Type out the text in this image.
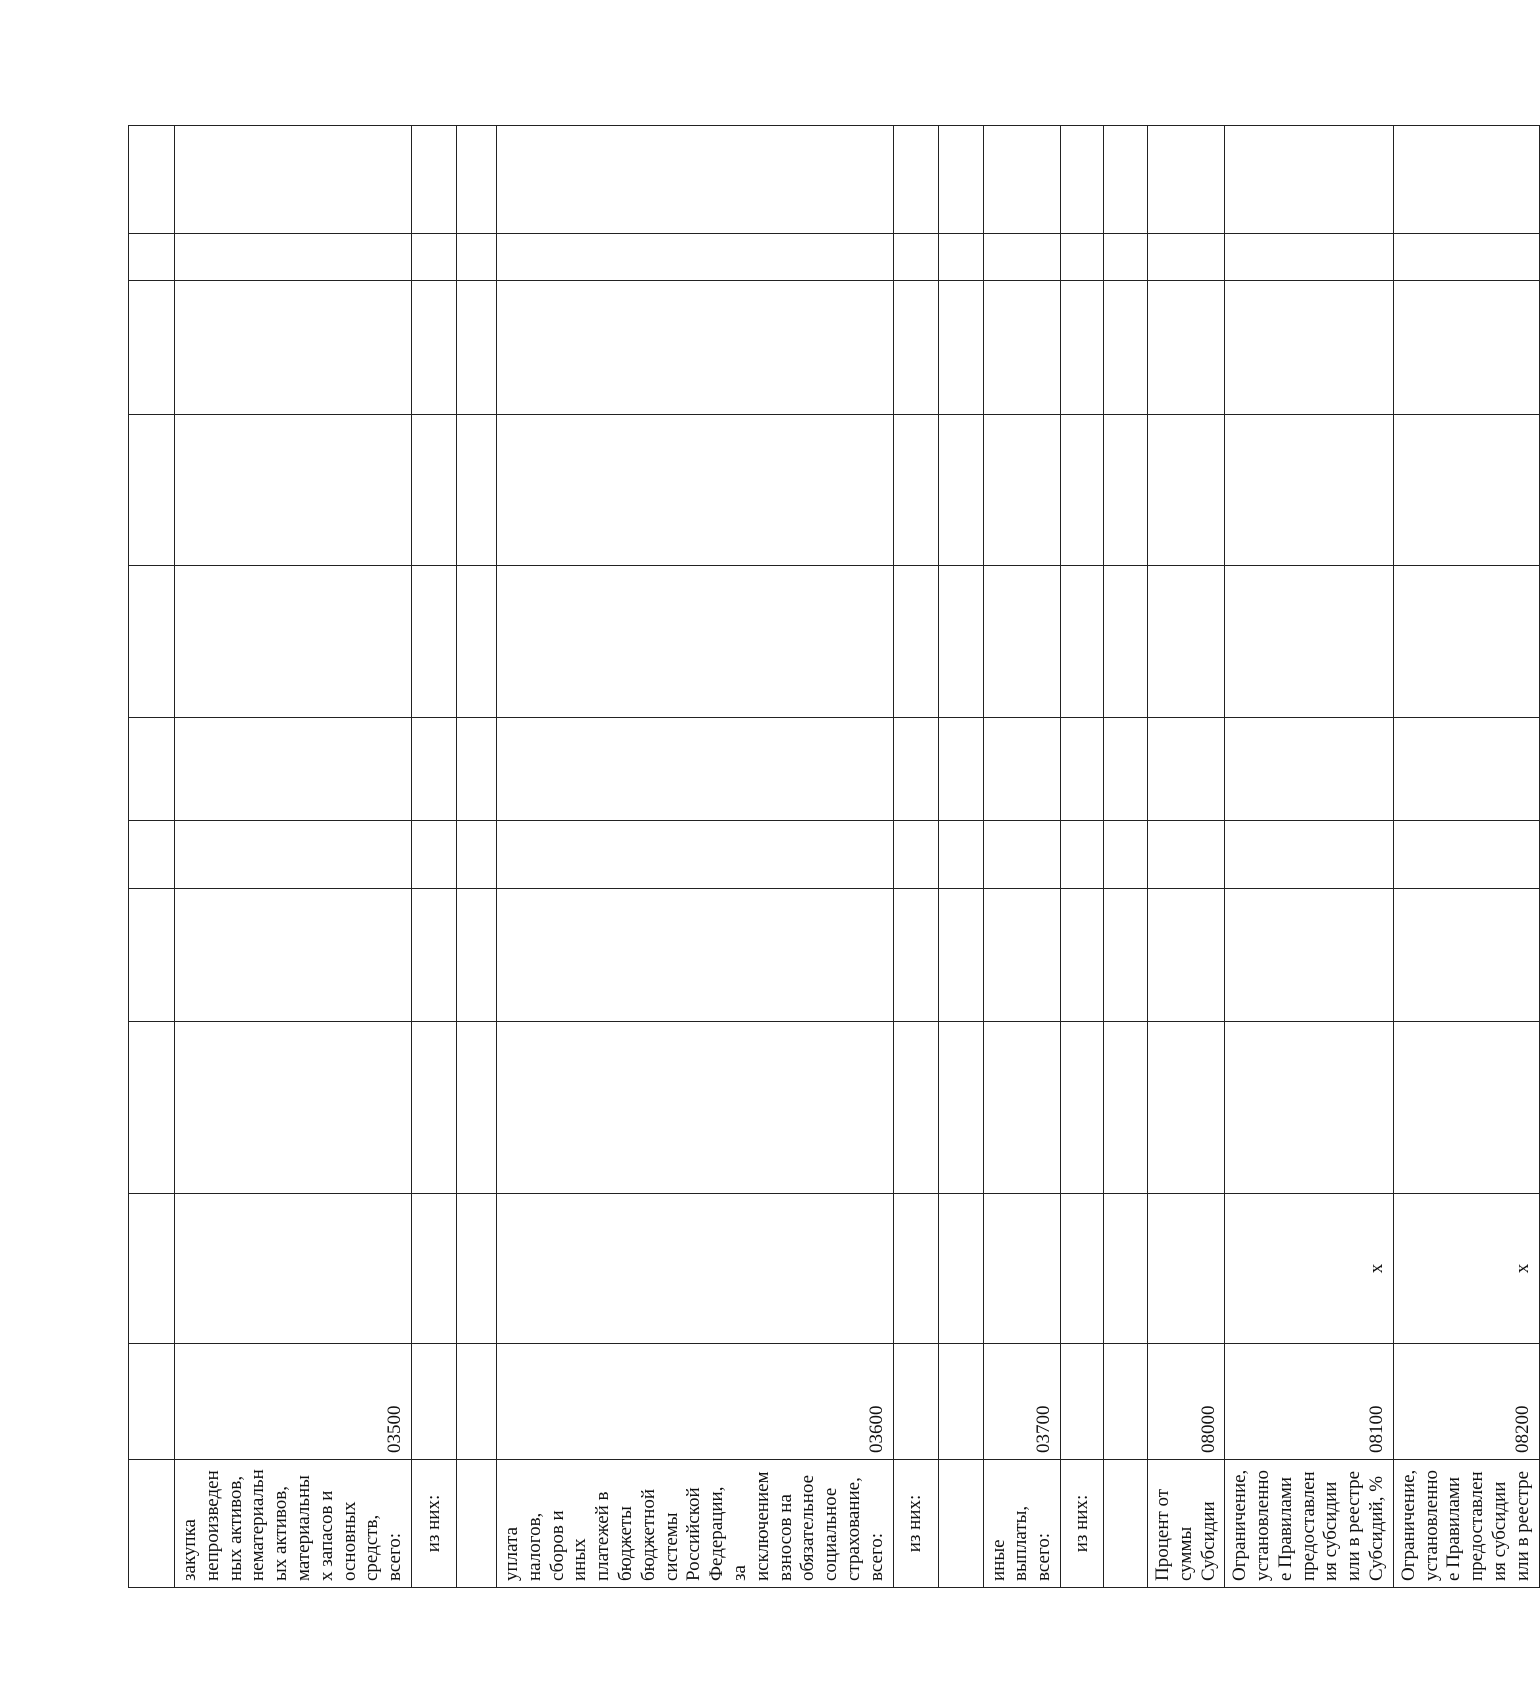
закупка непроизведенных активов, нематериальных активов, материальных запасов и основных средств, всего:	03500										
из них:											

уплата налогов, сборов и иных платежей в бюджеты бюджетной системы Российской Федерации, за исключением взносов на обязательное социальное страхование, всего:	03600										
из них:											

иные выплаты, всего:	03700										
из них:											

Процент от суммы Субсидии	08000										
Ограничение, установленное Правилами предоставления субсидии или в реестре Субсидий, %	08100	x									
Ограничение, установленное Правилами предоставления субсидии или в реестре	08200	x									
